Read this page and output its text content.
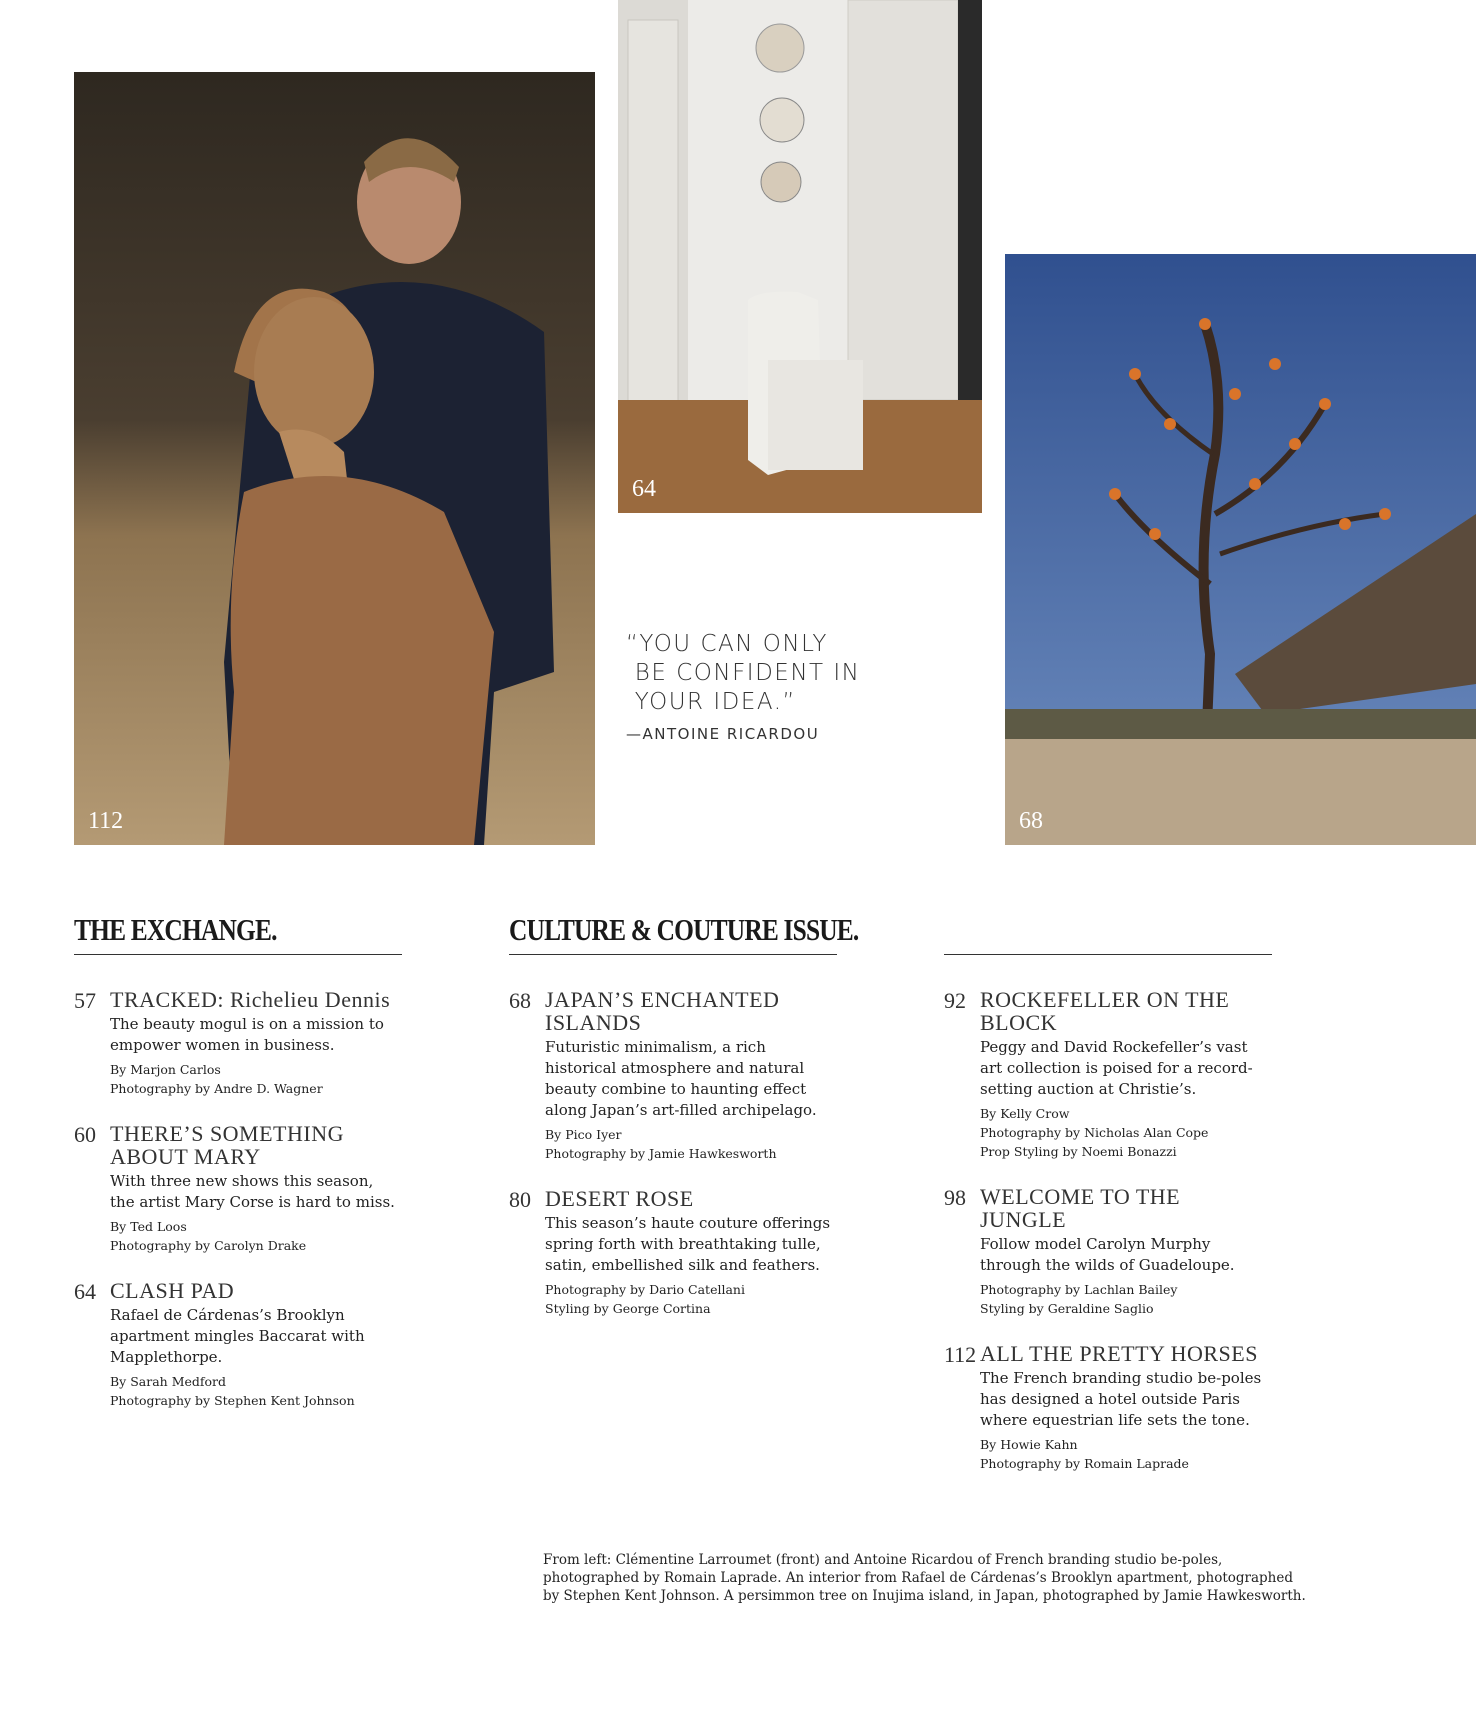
112
64
68
“YOU CAN ONLY
BE CONFIDENT IN
YOUR IDEA.”
—ANTOINE RICARDOU
THE EXCHANGE.
57 TRACKED: Richelieu Dennis
The beauty mogul is on a mission to empower women in business.
By Marjon Carlos
Photography by Andre D. Wagner
60 THERE’S SOMETHING ABOUT MARY
With three new shows this season, the artist Mary Corse is hard to miss.
By Ted Loos
Photography by Carolyn Drake
64 CLASH PAD
Rafael de Cárdenas’s Brooklyn apartment mingles Baccarat with Mapplethorpe.
By Sarah Medford
Photography by Stephen Kent Johnson
CULTURE & COUTURE ISSUE.
68 JAPAN’S ENCHANTED ISLANDS
Futuristic minimalism, a rich historical atmosphere and natural beauty combine to haunting effect along Japan’s art-filled archipelago.
By Pico Iyer
Photography by Jamie Hawkesworth
80 DESERT ROSE
This season’s haute couture offerings spring forth with breathtaking tulle, satin, embellished silk and feathers.
Photography by Dario Catellani
Styling by George Cortina
92 ROCKEFELLER ON THE BLOCK
Peggy and David Rockefeller’s vast art collection is poised for a record-setting auction at Christie’s.
By Kelly Crow
Photography by Nicholas Alan Cope
Prop Styling by Noemi Bonazzi
98 WELCOME TO THE JUNGLE
Follow model Carolyn Murphy through the wilds of Guadeloupe.
Photography by Lachlan Bailey
Styling by Geraldine Saglio
112 ALL THE PRETTY HORSES
The French branding studio be-poles has designed a hotel outside Paris where equestrian life sets the tone.
By Howie Kahn
Photography by Romain Laprade
From left: Clémentine Larroumet (front) and Antoine Ricardou of French branding studio be-poles, photographed by Romain Laprade. An interior from Rafael de Cárdenas’s Brooklyn apartment, photographed by Stephen Kent Johnson. A persimmon tree on Inujima island, in Japan, photographed by Jamie Hawkesworth.
